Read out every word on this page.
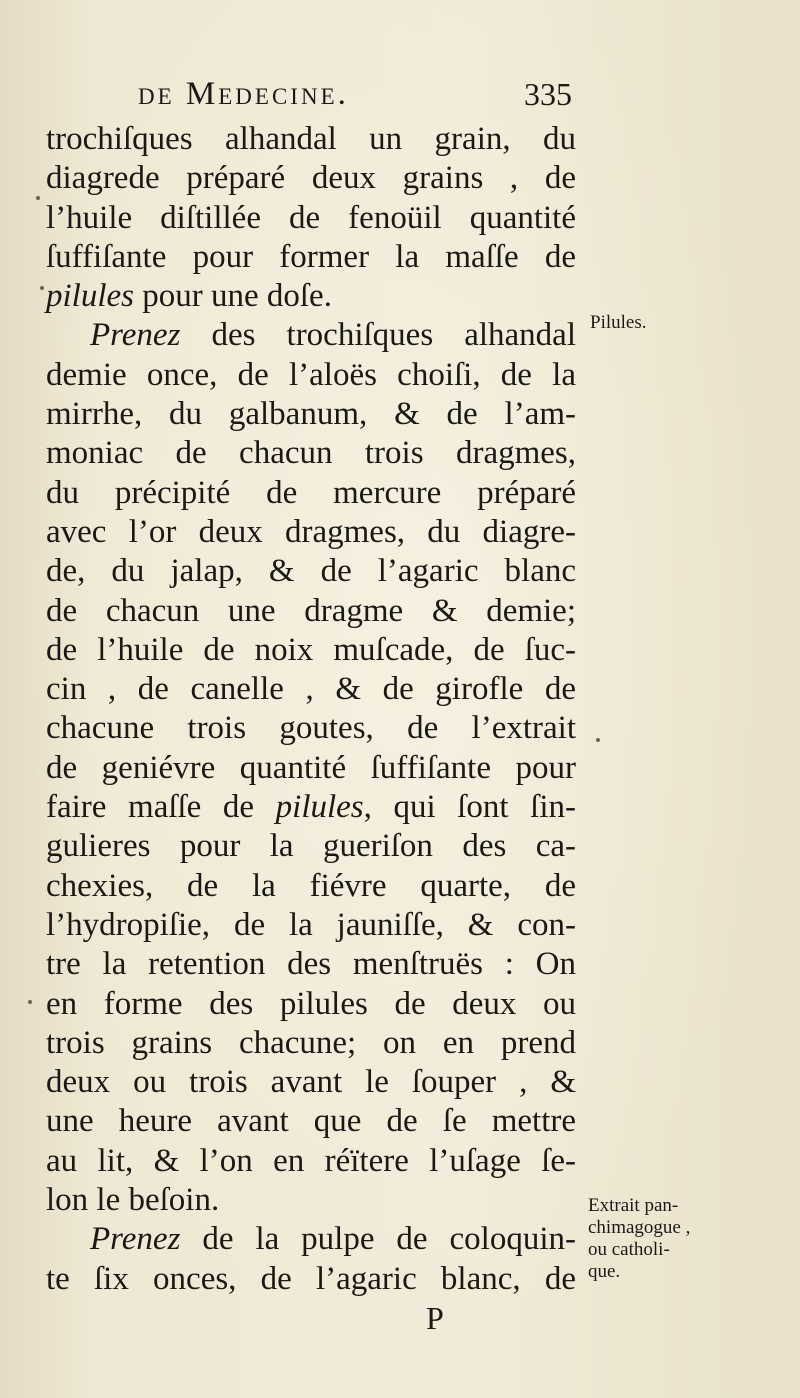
de Medecine.	335
trochiſques alhandal un grain, du
diagrede préparé deux grains , de
l’huile diſtillée de fenoüil quantité
ſuffiſante pour former la maſſe de
pilules pour une doſe.
Prenez des trochiſques alhandal
demie once, de l’aloës choiſi, de la
mirrhe, du galbanum, & de l’am-
moniac de chacun trois dragmes,
du précipité de mercure préparé
avec l’or deux dragmes, du diagre-
de, du jalap, & de l’agaric blanc
de chacun une dragme & demie;
de l’huile de noix muſcade, de ſuc-
cin , de canelle , & de girofle de
chacune trois goutes, de l’extrait
de geniévre quantité ſuffiſante pour
faire maſſe de pilules, qui ſont ſin-
gulieres pour la gueriſon des ca-
chexies, de la fiévre quarte, de
l’hydropiſie, de la jauniſſe, & con-
tre la retention des menſtruës : On
en forme des pilules de deux ou
trois grains chacune; on en prend
deux ou trois avant le ſouper , &
une heure avant que de ſe mettre
au lit, & l’on en réïtere l’uſage ſe-
lon le beſoin.
Prenez de la pulpe de coloquin-
te ſix onces, de l’agaric blanc, de
Pilules.
Extrait pan-
chimagogue ,
ou catholi-
que.
P
